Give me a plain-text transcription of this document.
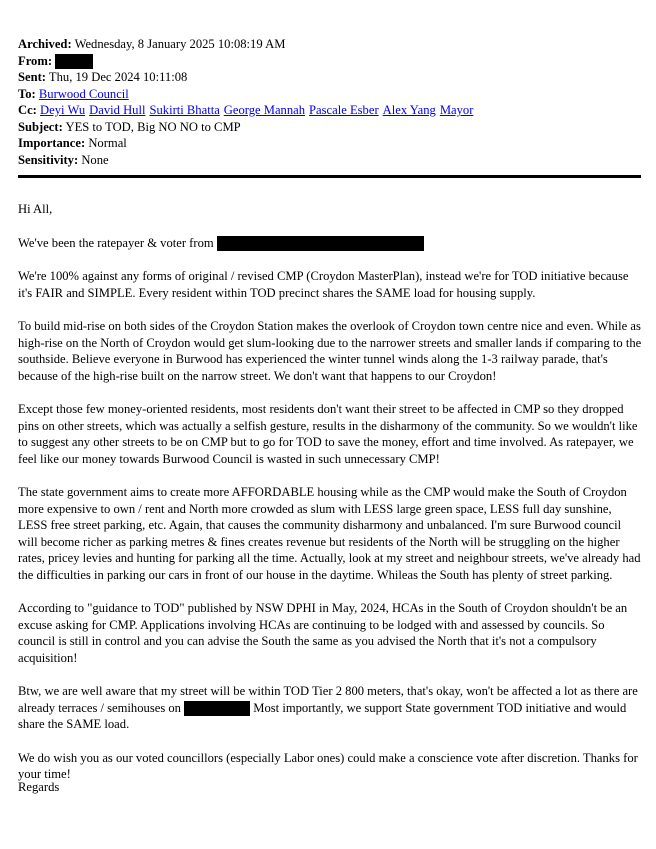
Archived: Wednesday, 8 January 2025 10:08:19 AM
From:
Sent: Thu, 19 Dec 2024 10:11:08
To: Burwood Council
Cc: Deyi Wu David Hull Sukirti Bhatta George Mannah Pascale Esber Alex Yang Mayor
Subject: YES to TOD, Big NO NO to CMP
Importance: Normal
Sensitivity: None

Hi All,

We've been the ratepayer & voter from

We're 100% against any forms of original / revised CMP (Croydon MasterPlan), instead we're for TOD initiative because it's FAIR and SIMPLE. Every resident within TOD precinct shares the SAME load for housing supply.

To build mid-rise on both sides of the Croydon Station makes the overlook of Croydon town centre nice and even. While as high-rise on the North of Croydon would get slum-looking due to the narrower streets and smaller lands if comparing to the southside. Believe everyone in Burwood has experienced the winter tunnel winds along the 1-3 railway parade, that's because of the high-rise built on the narrow street. We don't want that happens to our Croydon!

Except those few money-oriented residents, most residents don't want their street to be affected in CMP so they dropped pins on other streets, which was actually a selfish gesture, results in the disharmony of the community. So we wouldn't like to suggest any other streets to be on CMP but to go for TOD to save the money, effort and time involved. As ratepayer, we feel like our money towards Burwood Council is wasted in such unnecessary CMP!

The state government aims to create more AFFORDABLE housing while as the CMP would make the South of Croydon more expensive to own / rent and North more crowded as slum with LESS large green space, LESS full day sunshine, LESS free street parking, etc. Again, that causes the community disharmony and unbalanced. I'm sure Burwood council will become richer as parking metres & fines creates revenue but residents of the North will be struggling on the higher rates, pricey levies and hunting for parking all the time. Actually, look at my street and neighbour streets, we've already had the difficulties in parking our cars in front of our house in the daytime. Whileas the South has plenty of street parking.

According to "guidance to TOD" published by NSW DPHI in May, 2024, HCAs in the South of Croydon shouldn't be an excuse asking for CMP. Applications involving HCAs are continuing to be lodged with and assessed by councils. So council is still in control and you can advise the South the same as you advised the North that it's not a compulsory acquisition!

Btw, we are well aware that my street will be within TOD Tier 2 800 meters, that's okay, won't be affected a lot as there are already terraces / semihouses on	Most importantly, we support State government TOD initiative and would share the SAME load.

We do wish you as our voted councillors (especially Labor ones) could make a conscience vote after discretion. Thanks for your time!

Regards
